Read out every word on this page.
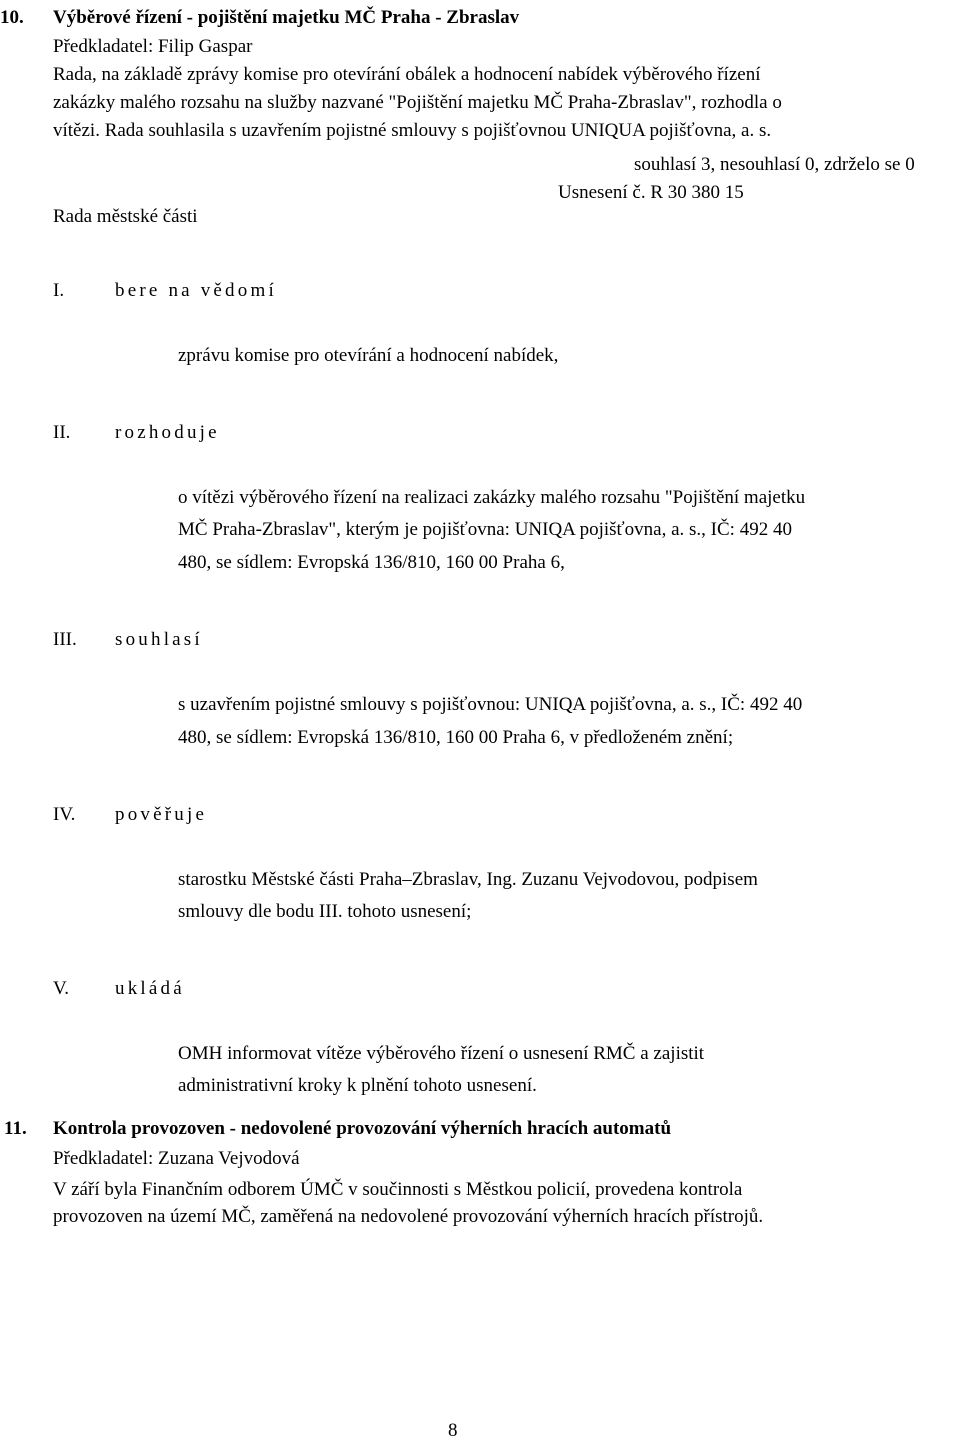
10. Výběrové řízení - pojištění majetku MČ Praha - Zbraslav
Předkladatel: Filip Gaspar
Rada, na základě zprávy komise pro otevírání obálek a hodnocení nabídek výběrového řízení
zakázky malého rozsahu na služby nazvané "Pojištění majetku MČ Praha-Zbraslav", rozhodla o
vítězi. Rada souhlasila s uzavřením pojistné smlouvy s pojišťovnou UNIQUA pojišťovna, a. s.
souhlasí 3, nesouhlasí 0, zdrželo se 0
Usnesení č. R 30 380 15
Rada městské části
I.	bere na vědomí
zprávu komise pro otevírání a hodnocení nabídek,
II. rozhoduje
o vítězi výběrového řízení na realizaci zakázky malého rozsahu "Pojištění majetku
MČ Praha-Zbraslav", kterým je pojišťovna: UNIQA pojišťovna, a. s., IČ: 492 40
480, se sídlem: Evropská 136/810, 160 00 Praha 6,
III. souhlasí
s uzavřením pojistné smlouvy s pojišťovnou: UNIQA pojišťovna, a. s., IČ: 492 40
480, se sídlem: Evropská 136/810, 160 00 Praha 6, v předloženém znění;
IV. pověřuje
starostku Městské části Praha–Zbraslav, Ing. Zuzanu Vejvodovou, podpisem
smlouvy dle bodu III. tohoto usnesení;
V. ukládá
OMH informovat vítěze výběrového řízení o usnesení RMČ a zajistit
administrativní kroky k plnění tohoto usnesení.
11. Kontrola provozoven - nedovolené provozování výherních hracích automatů
Předkladatel: Zuzana Vejvodová
V září byla Finančním odborem ÚMČ v součinnosti s Městkou policií, provedena kontrola
provozoven na území MČ, zaměřená na nedovolené provozování výherních hracích přístrojů.
8
